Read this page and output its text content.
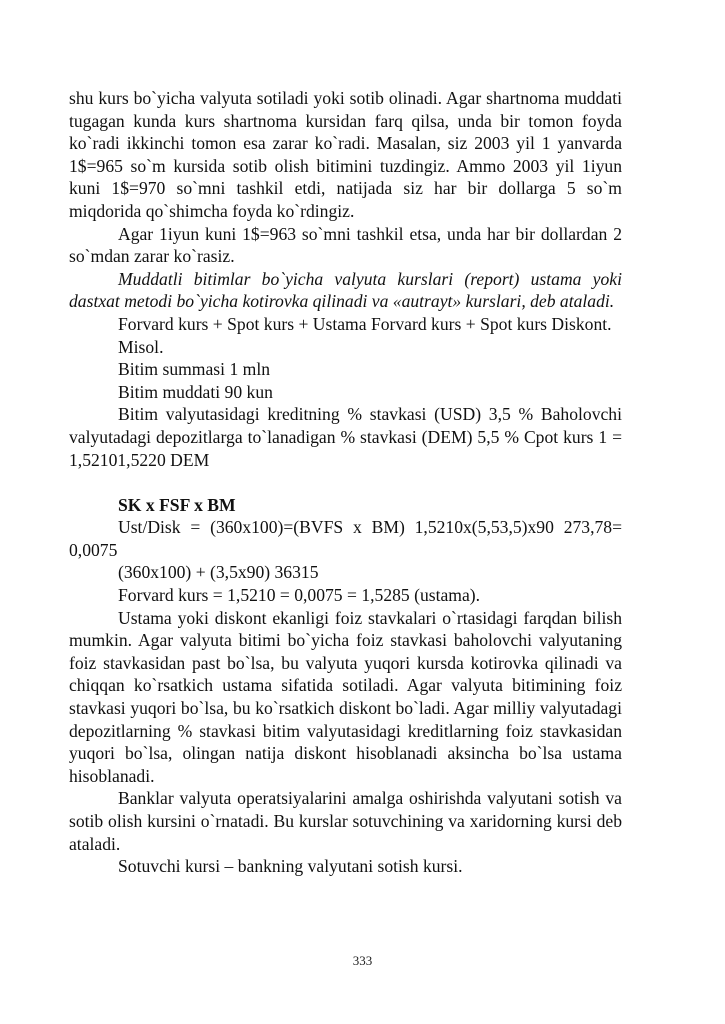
shu kurs bo`yicha valyuta sotiladi yoki sotib olinadi. Agar shartnoma muddati tugagan kunda kurs shartnoma kursidan farq qilsa, unda bir tomon foyda ko`radi ikkinchi tomon esa zarar ko`radi. Masalan, siz 2003 yil 1 yanvarda 1$=965 so`m kursida sotib olish bitimini tuzdingiz. Ammo 2003 yil 1iyun kuni 1$=970 so`mni tashkil etdi, natijada siz har bir dollarga 5 so`m miqdorida qo`shimcha foyda ko`rdingiz.

Agar 1iyun kuni 1$=963 so`mni tashkil etsa, unda har bir dollardan 2 so`mdan zarar ko`rasiz.

Muddatli bitimlar bo`yicha valyuta kurslari (report) ustama yoki dastxat metodi bo`yicha kotirovka qilinadi va «autrayt» kurslari, deb ataladi.

Forvard kurs + Spot kurs + Ustama Forvard kurs + Spot kurs Diskont.

Misol.

Bitim summasi 1 mln

Bitim muddati 90 kun

Bitim valyutasidagi kreditning % stavkasi (USD) 3,5 % Baholovchi valyutadagi depozitlarga to`lanadigan % stavkasi (DEM) 5,5 % Cpot kurs 1 = 1,52101,5220 DEM

SK x FSF x BM

Ust/Disk = (360x100)=(BVFS x BM) 1,5210x(5,53,5)x90 273,78= 0,0075

(360x100) + (3,5x90) 36315

Forvard kurs = 1,5210 = 0,0075 = 1,5285 (ustama).

Ustama yoki diskont ekanligi foiz stavkalari o`rtasidagi farqdan bilish mumkin. Agar valyuta bitimi bo`yicha foiz stavkasi baholovchi valyutaning foiz stavkasidan past bo`lsa, bu valyuta yuqori kursda kotirovka qilinadi va chiqqan ko`rsatkich ustama sifatida sotiladi. Agar valyuta bitimining foiz stavkasi yuqori bo`lsa, bu ko`rsatkich diskont bo`ladi. Agar milliy valyutadagi depozitlarning % stavkasi bitim valyutasidagi kreditlarning foiz stavkasidan yuqori bo`lsa, olingan natija diskont hisoblanadi aksincha bo`lsa ustama hisoblanadi.

Banklar valyuta operatsiyalarini amalga oshirishda valyutani sotish va sotib olish kursini o`rnatadi. Bu kurslar sotuvchining va xaridorning kursi deb ataladi.

Sotuvchi kursi – bankning valyutani sotish kursi.

333
